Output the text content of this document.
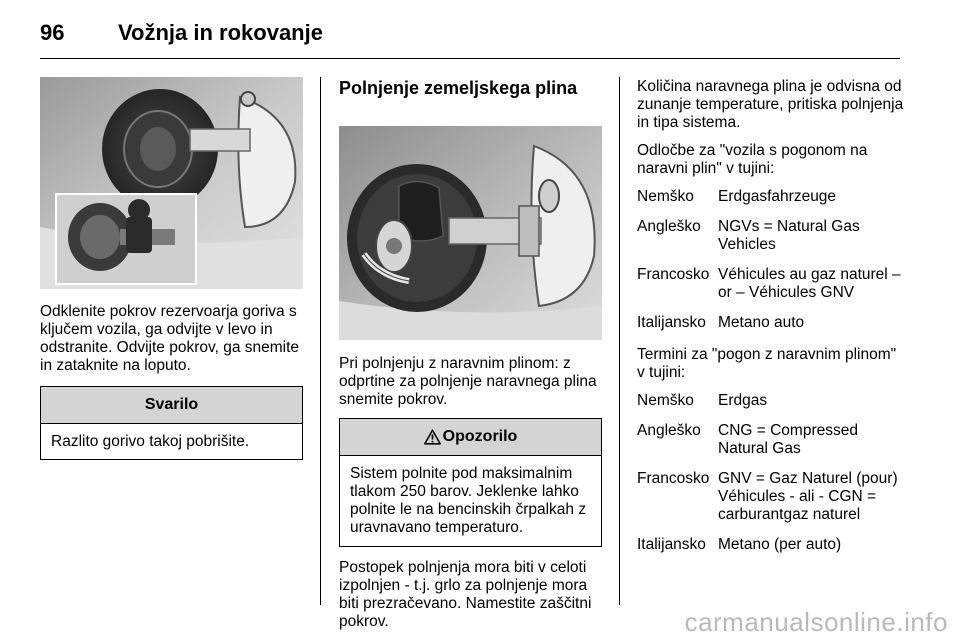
96 Vožnja in rokovanje

Odklenite pokrov rezervoarja goriva s ključem vozila, ga odvijte v levo in odstranite. Odvijte pokrov, ga snemite in zataknite na loputo.

Svarilo
Razlito gorivo takoj pobrišite.
Polnjenje zemeljskega plina

Pri polnjenju z naravnim plinom: z odprtine za polnjenje naravnega plina snemite pokrov.

Opozorilo
Sistem polnite pod maksimalnim tlakom 250 barov. Jeklenke lahko polnite le na bencinskih črpalkah z uravnavano temperaturo.

Postopek polnjenja mora biti v celoti izpolnjen - t.j. grlo za polnjenje mora biti prezračevano. Namestite zaščitni pokrov.

Količina naravnega plina je odvisna od zunanje temperature, pritiska polnjenja in tipa sistema.

Odločbe za "vozila s pogonom na naravni plin" v tujini:

Nemško	Erdgasfahrzeuge
Angleško	NGVs = Natural Gas Vehicles
Francosko Véhicules au gaz naturel – or – Véhicules GNV
Italijansko Metano auto

Termini za "pogon z naravnim plinom" v tujini:

Nemško	Erdgas
Angleško	CNG = Compressed Natural Gas
Francosko GNV = Gaz Naturel (pour) Véhicules - ali - CGN = carburantgaz naturel
Italijansko Metano (per auto)
carmanualsonline.info
